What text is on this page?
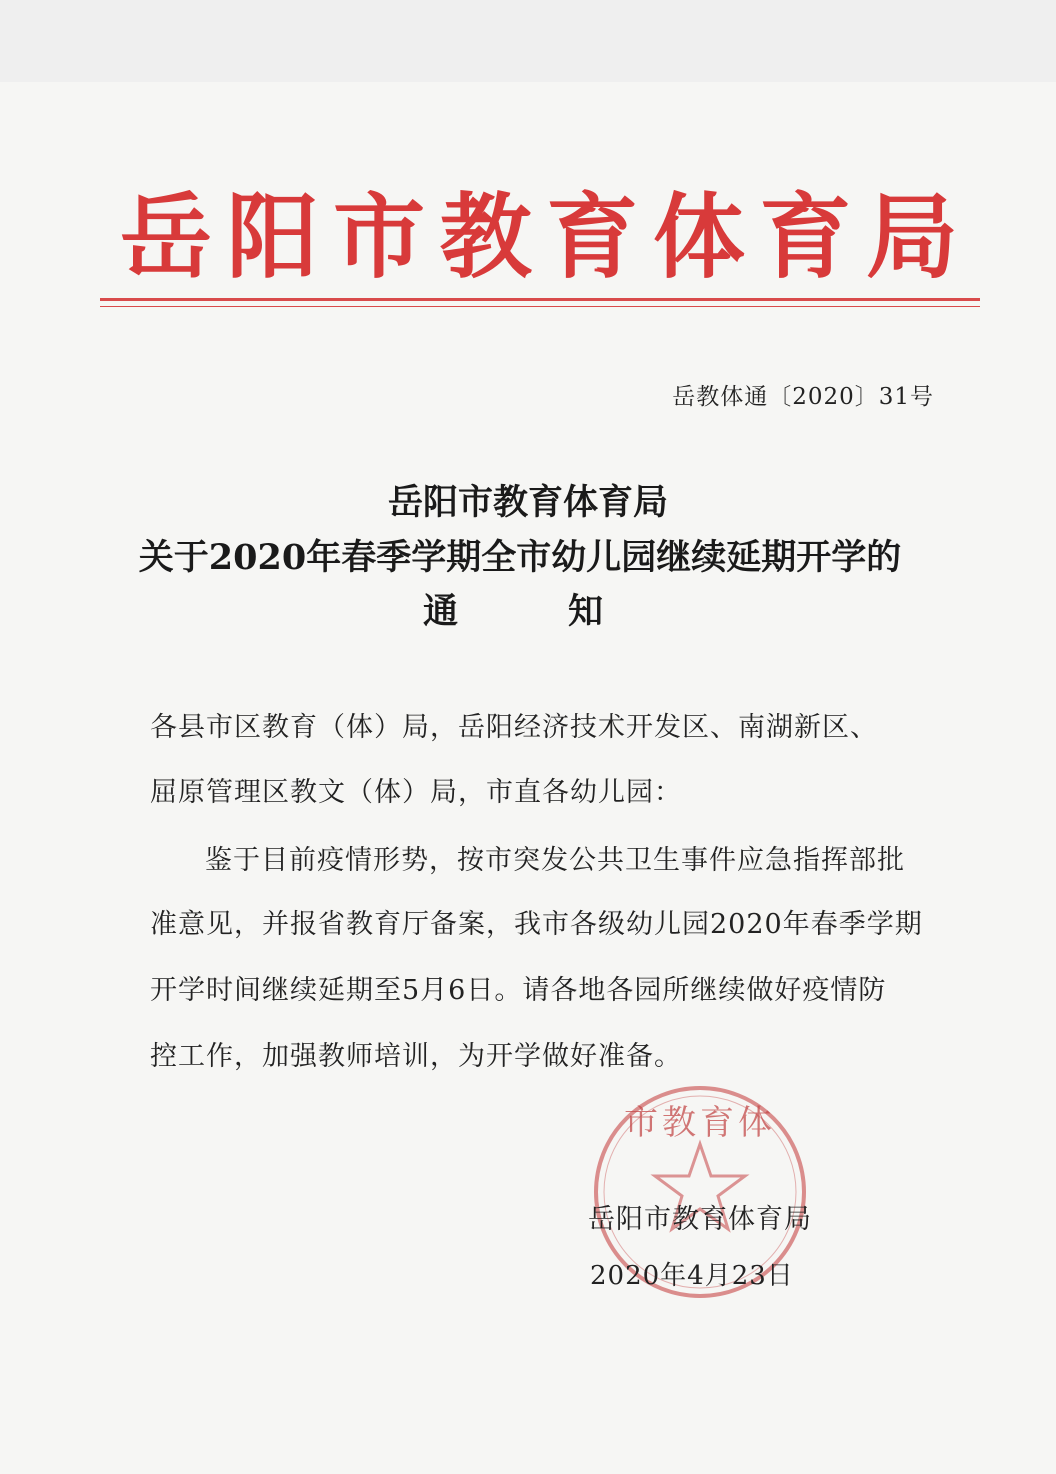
岳 阳 市 教 育 体 育 局
岳教体通〔2020〕31号
岳阳市教育体育局
关于2020年春季学期全市幼儿园继续延期开学的
通知
各县市区教育（体）局，岳阳经济技术开发区、南湖新区、
屈原管理区教文（体）局，市直各幼儿园：
鉴于目前疫情形势，按市突发公共卫生事件应急指挥部批
准意见，并报省教育厅备案，我市各级幼儿园2020年春季学期
开学时间继续延期至5月6日。请各地各园所继续做好疫情防
控工作，加强教师培训，为开学做好准备。
市教育体
岳阳市教育体育局
2020年4月23日
